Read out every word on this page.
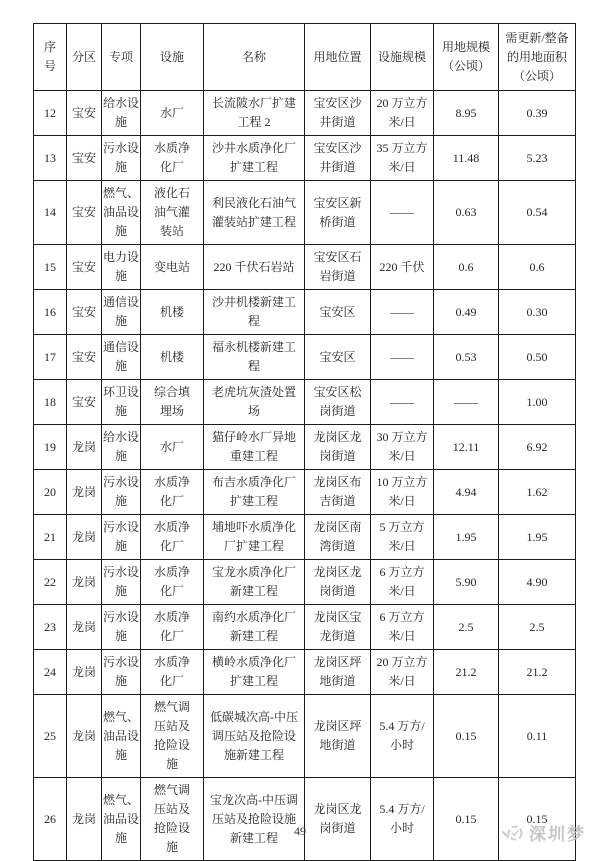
序号	分区	专项	设施	名称	用地位置	设施规模	用地规模（公顷）	需更新/整备的用地面积（公顷）
12	宝安	给水设施	水厂	长流陂水厂扩建工程 2	宝安区沙井街道	20 万立方米/日	8.95	0.39
13	宝安	污水设施	水质净化厂	沙井水质净化厂扩建工程	宝安区沙井街道	35 万立方米/日	11.48	5.23
14	宝安	燃气、油品设施	液化石油气灌装站	利民液化石油气灌装站扩建工程	宝安区新桥街道	——	0.63	0.54
15	宝安	电力设施	变电站	220 千伏石岩站	宝安区石岩街道	220 千伏	0.6	0.6
16	宝安	通信设施	机楼	沙井机楼新建工程	宝安区	——	0.49	0.30
17	宝安	通信设施	机楼	福永机楼新建工程	宝安区	——	0.53	0.50
18	宝安	环卫设施	综合填埋场	老虎坑灰渣处置场	宝安区松岗街道	——	——	1.00
19	龙岗	给水设施	水厂	猫仔岭水厂异地重建工程	龙岗区龙岗街道	30 万立方米/日	12.11	6.92
20	龙岗	污水设施	水质净化厂	布吉水质净化厂扩建工程	龙岗区布吉街道	10 万立方米/日	4.94	1.62
21	龙岗	污水设施	水质净化厂	埔地吓水质净化厂扩建工程	龙岗区南湾街道	5 万立方米/日	1.95	1.95
22	龙岗	污水设施	水质净化厂	宝龙水质净化厂新建工程	龙岗区龙岗街道	6 万立方米/日	5.90	4.90
23	龙岗	污水设施	水质净化厂	南约水质净化厂新建工程	龙岗区宝龙街道	6 万立方米/日	2.5	2.5
24	龙岗	污水设施	水质净化厂	横岭水质净化厂扩建工程	龙岗区坪地街道	20 万立方米/日	21.2	21.2
25	龙岗	燃气、油品设施	燃气调压站及抢险设施	低碳城次高-中压调压站及抢险设施新建工程	龙岗区坪地街道	5.4 万方/小时	0.15	0.11
26	龙岗	燃气、油品设施	燃气调压站及抢险设施	宝龙次高-中压调压站及抢险设施新建工程	龙岗区龙岗街道	5.4 万方/小时	0.15	0.15
49	深圳梦
